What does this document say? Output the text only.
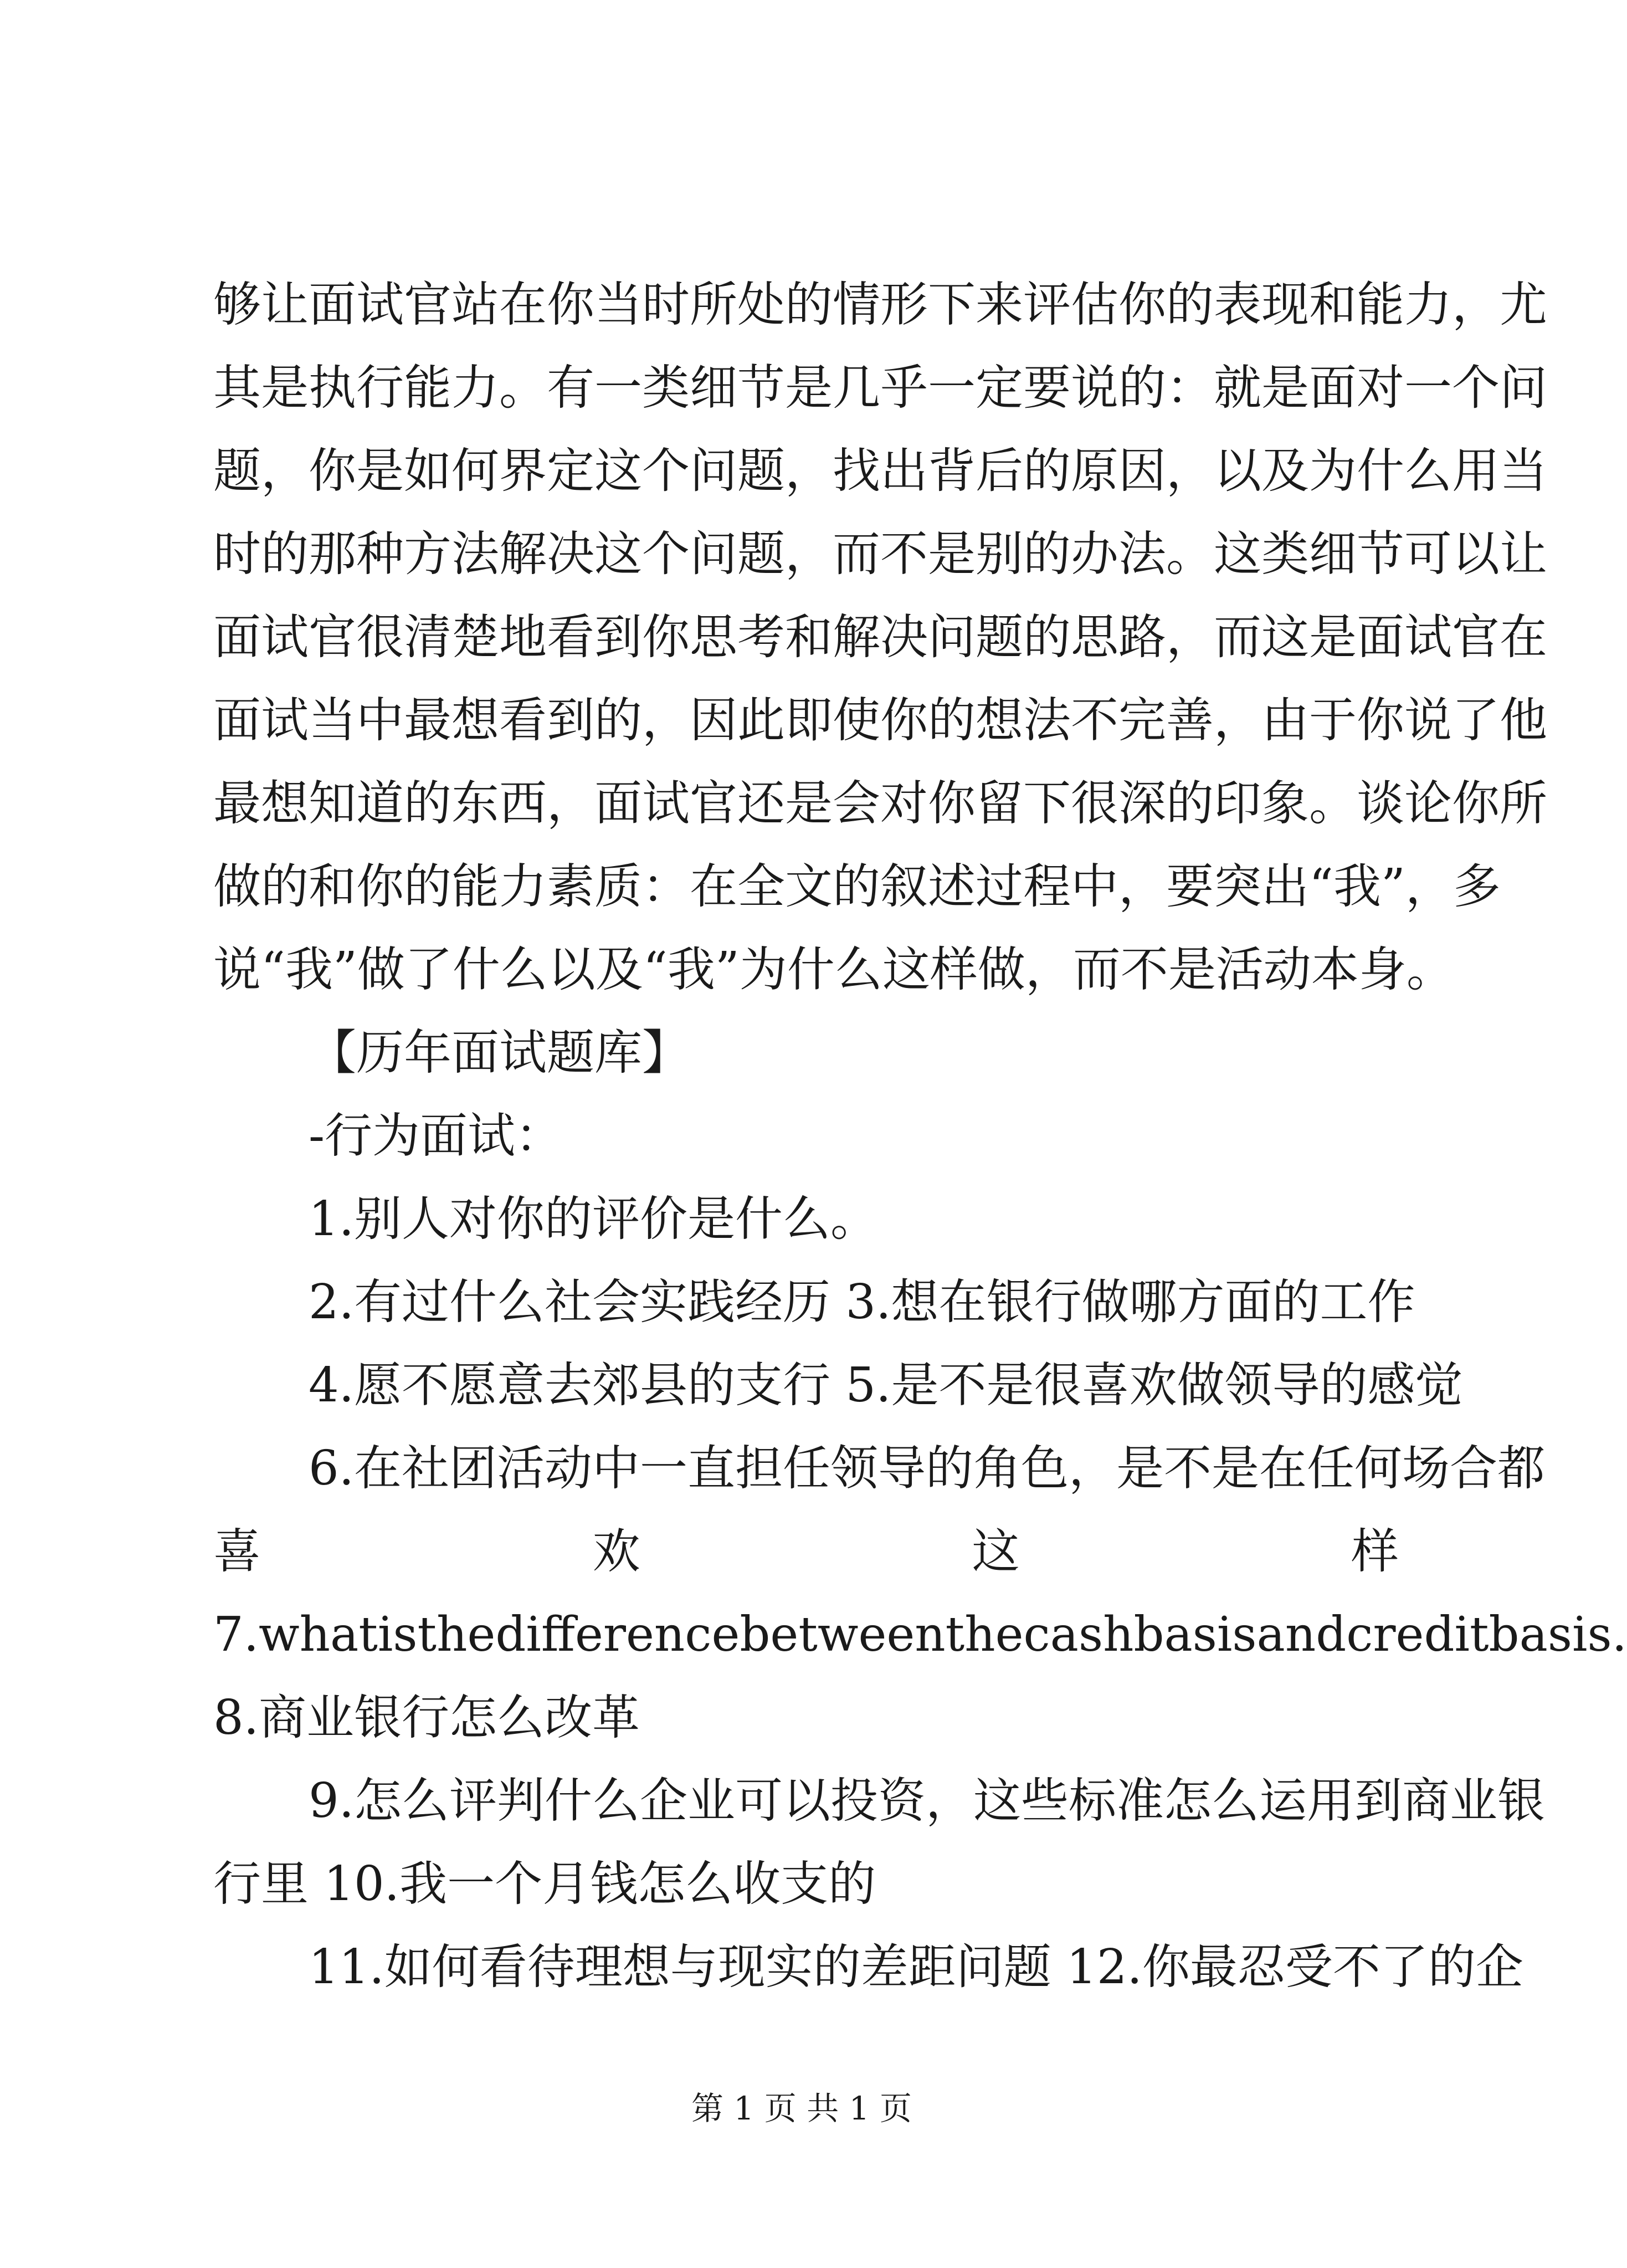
够让面试官站在你当时所处的情形下来评估你的表现和能力，尤
其是执行能力。有一类细节是几乎一定要说的：就是面对一个问
题，你是如何界定这个问题，找出背后的原因，以及为什么用当
时的那种方法解决这个问题，而不是别的办法。这类细节可以让
面试官很清楚地看到你思考和解决问题的思路，而这是面试官在
面试当中最想看到的，因此即使你的想法不完善，由于你说了他
最想知道的东西，面试官还是会对你留下很深的印象。谈论你所
做的和你的能力素质：在全文的叙述过程中，要突出“我”，多
说“我”做了什么以及“我”为什么这样做，而不是活动本身。
【历年面试题库】
-行为面试：
1.别人对你的评价是什么。
2.有过什么社会实践经历 3.想在银行做哪方面的工作
4.愿不愿意去郊县的支行 5.是不是很喜欢做领导的感觉
6.在社团活动中一直担任领导的角色，是不是在任何场合都
喜	欢	这	样
7.whatisthedifferencebetweenthecashbasisandcreditbasis.
8.商业银行怎么改革
9.怎么评判什么企业可以投资，这些标准怎么运用到商业银
行里 10.我一个月钱怎么收支的
11.如何看待理想与现实的差距问题 12.你最忍受不了的企
第 1 页 共 1 页
